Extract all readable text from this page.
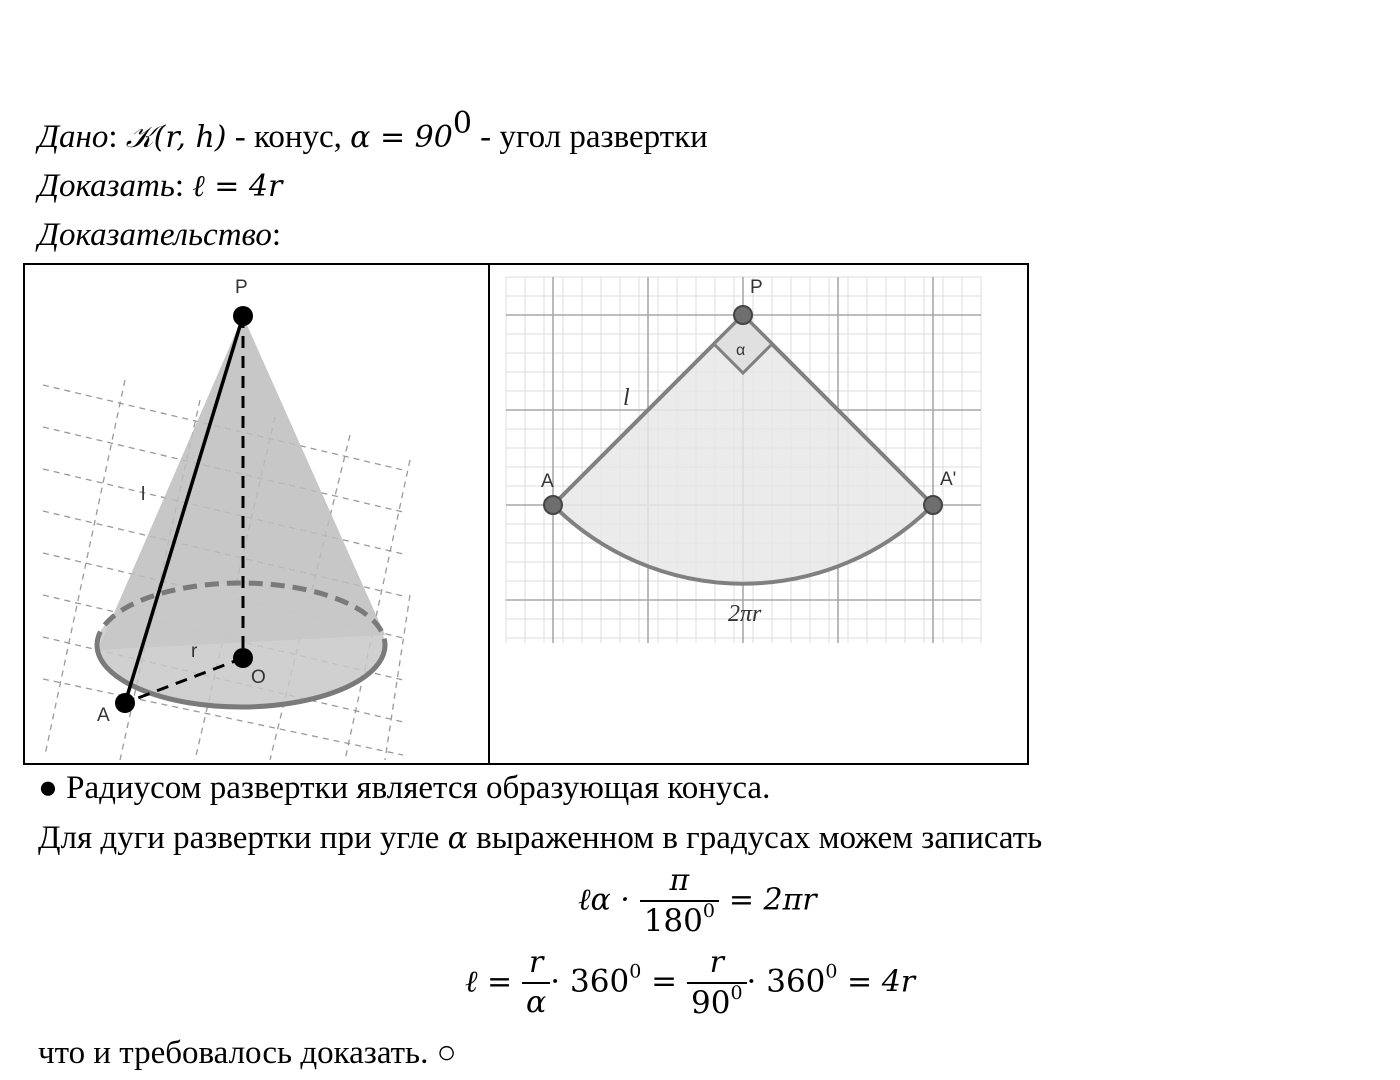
Дано: 𝒦(r, h) - конус, $\alpha = 90^0$ - угол развертки
Доказать: ℓ = 4r
Доказательство:
P
O
A
l
r
P
A	A'
α
l
2πr
● Радиусом развертки является образующая конуса.
Для дуги развертки при угле α выраженном в градусах можем записать
ℓα · $\frac{\pi}{180^0} = 2\pi r$
ℓ = $\frac{r}{\alpha} \cdot 360^0 = \frac{r}{90^0} \cdot 360^0 = 4r$
что и требовалось доказать. ○
